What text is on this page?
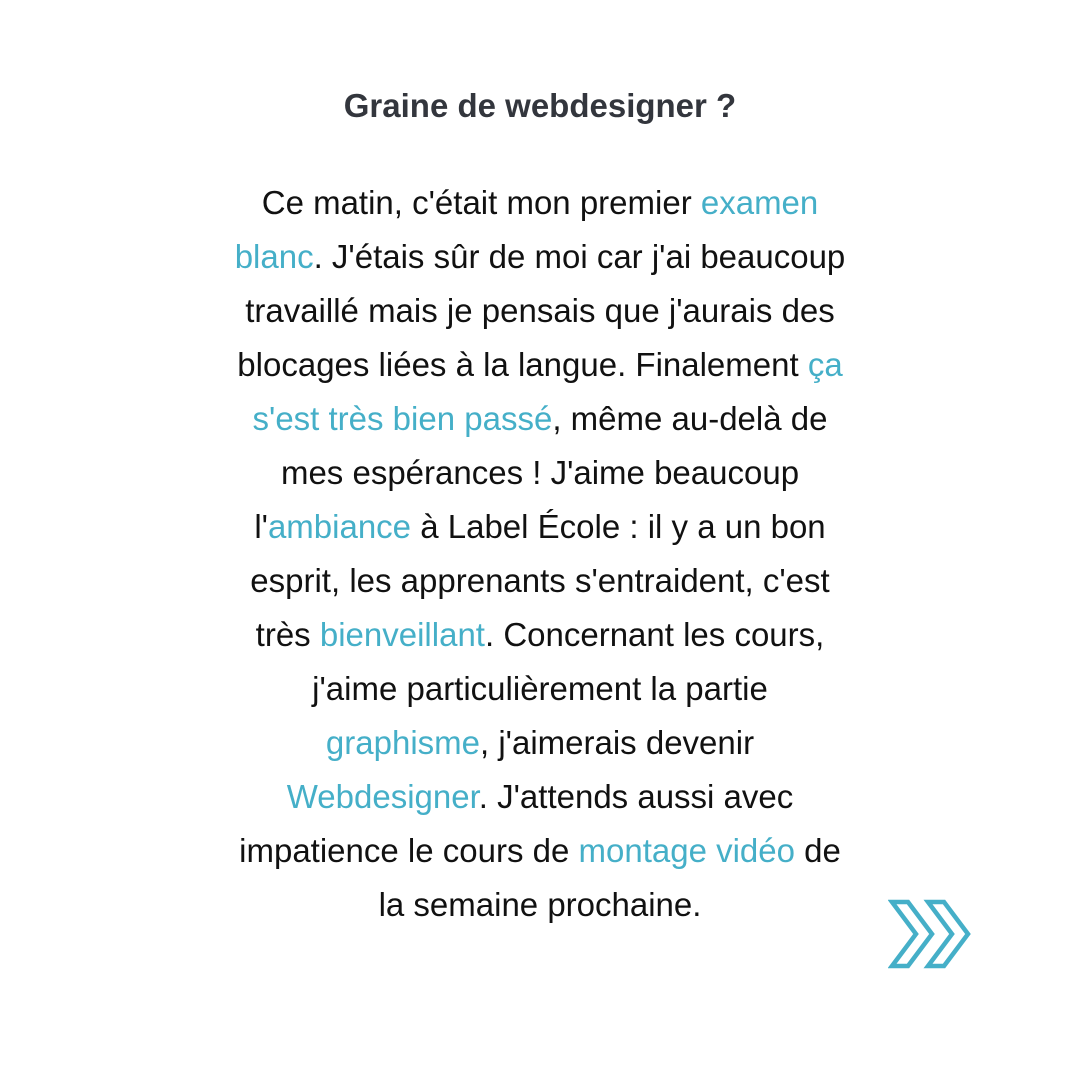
Graine de webdesigner ?
Ce matin, c'était mon premier examen
blanc. J'étais sûr de moi car j'ai beaucoup
travaillé mais je pensais que j'aurais des
blocages liées à la langue. Finalement ça
s'est très bien passé, même au-delà de
mes espérances ! J'aime beaucoup
l'ambiance à Label École : il y a un bon
esprit, les apprenants s'entraident, c'est
très bienveillant. Concernant les cours,
j'aime particulièrement la partie
graphisme, j'aimerais devenir
Webdesigner. J'attends aussi avec
impatience le cours de montage vidéo de
la semaine prochaine.
